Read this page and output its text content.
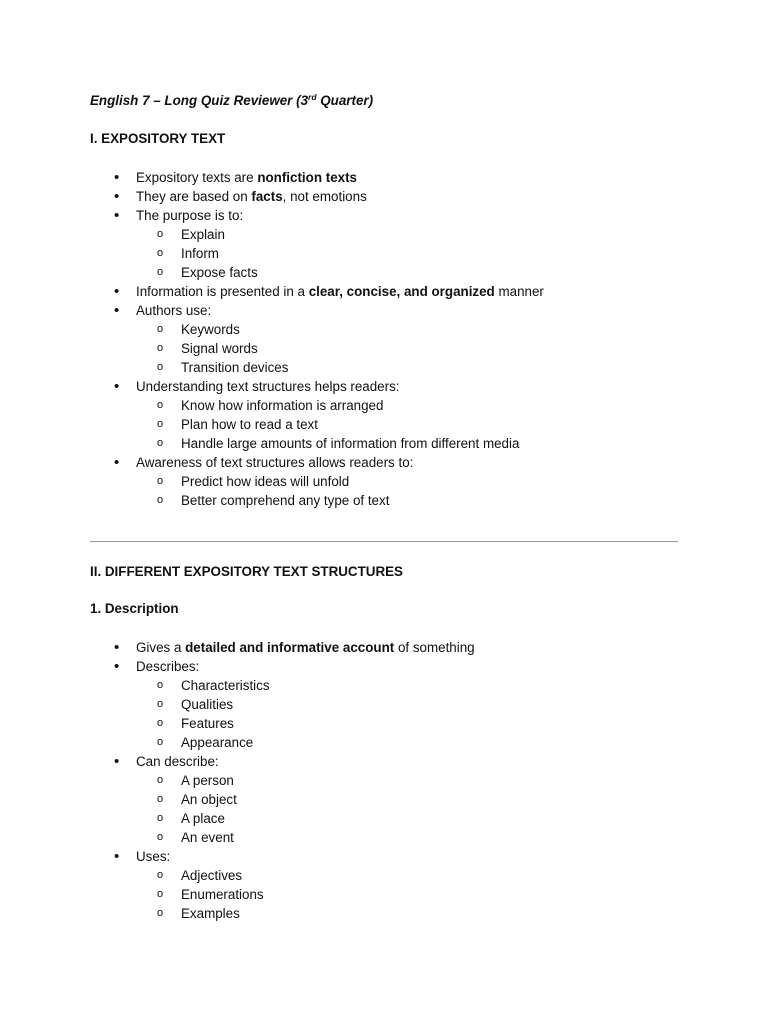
English 7 – Long Quiz Reviewer (3rd Quarter)
I. EXPOSITORY TEXT
• Expository texts are nonfiction texts
• They are based on facts, not emotions
• The purpose is to:
o Explain
o Inform
o Expose facts
• Information is presented in a clear, concise, and organized manner
• Authors use:
o Keywords
o Signal words
o Transition devices
• Understanding text structures helps readers:
o Know how information is arranged
o Plan how to read a text
o Handle large amounts of information from different media
• Awareness of text structures allows readers to:
o Predict how ideas will unfold
o Better comprehend any type of text
II. DIFFERENT EXPOSITORY TEXT STRUCTURES
1. Description
• Gives a detailed and informative account of something
• Describes:
o Characteristics
o Qualities
o Features
o Appearance
• Can describe:
o A person
o An object
o A place
o An event
• Uses:
o Adjectives
o Enumerations
o Examples
